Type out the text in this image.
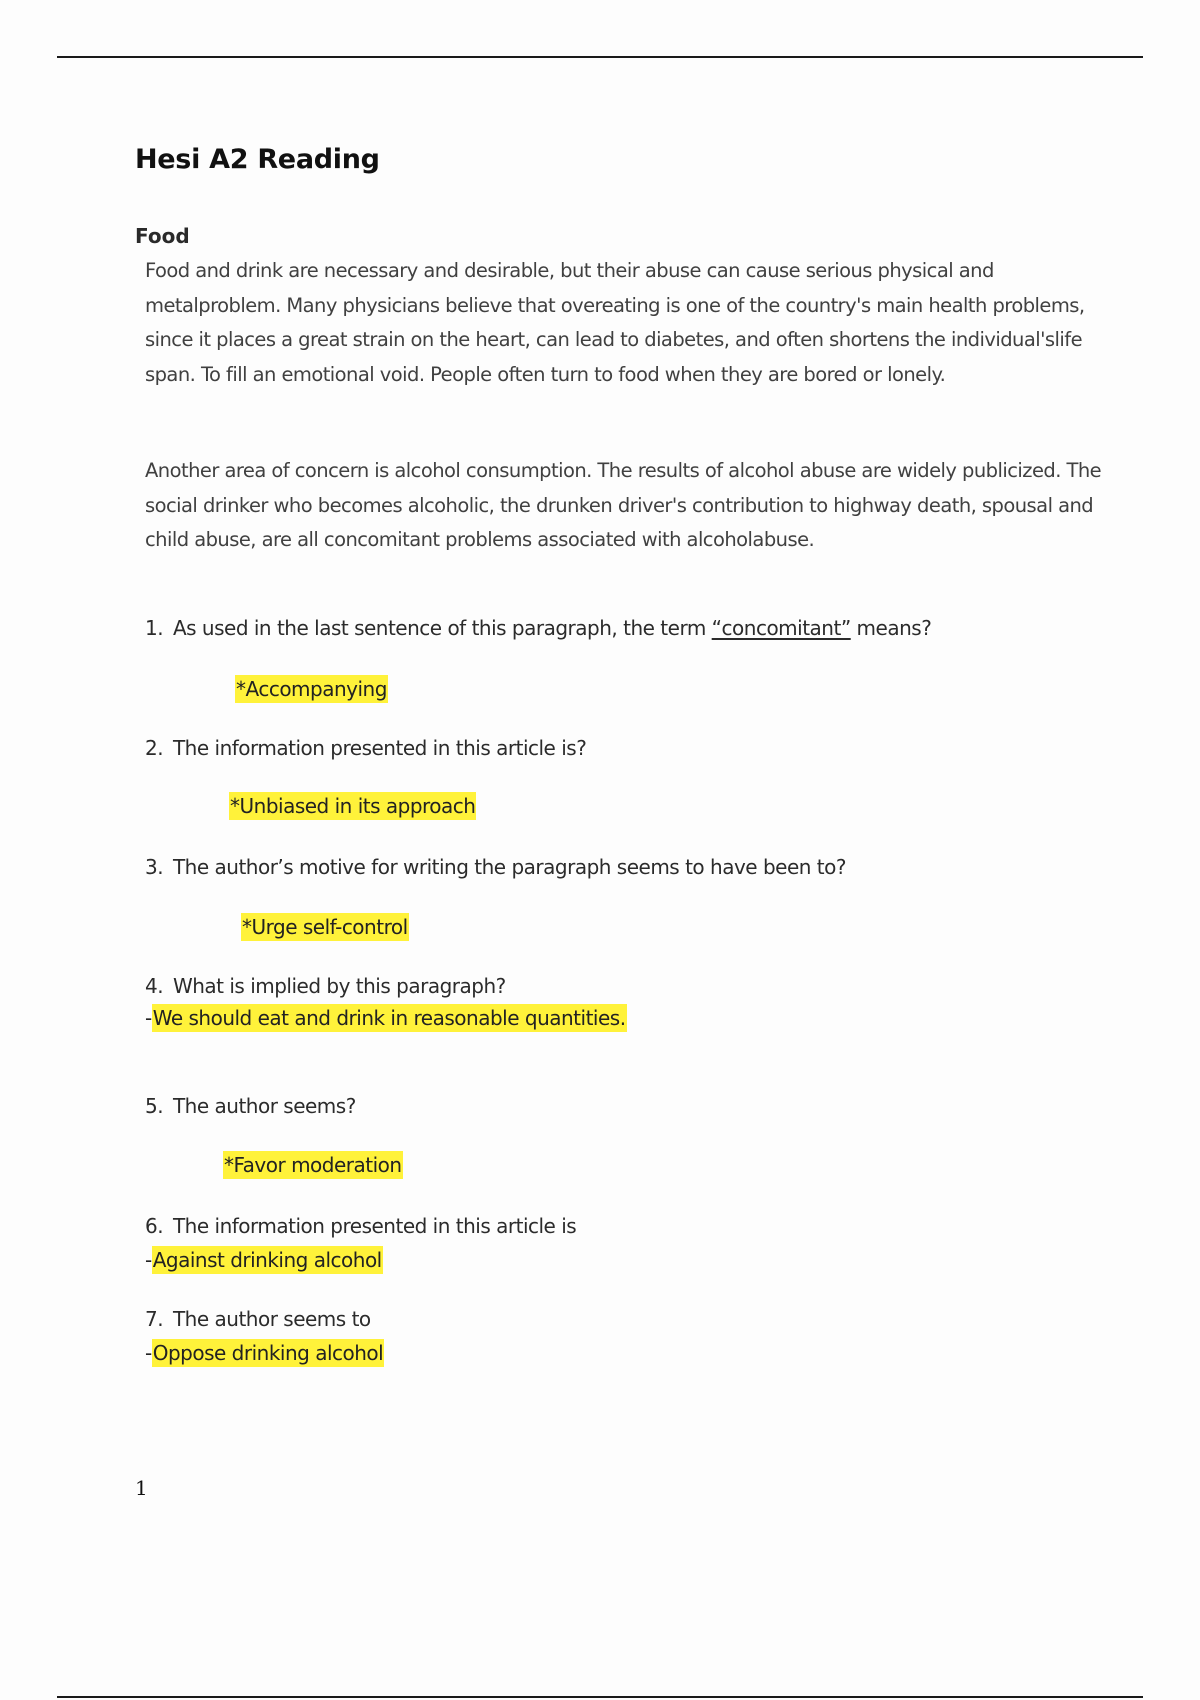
Hesi A2 Reading
Food

Food and drink are necessary and desirable, but their abuse can cause serious physical and metalproblem. Many physicians believe that overeating is one of the country's main health problems, since it places a great strain on the heart, can lead to diabetes, and often shortens the individual'slife span. To fill an emotional void. People often turn to food when they are bored or lonely.

Another area of concern is alcohol consumption. The results of alcohol abuse are widely publicized. The social drinker who becomes alcoholic, the drunken driver's contribution to highway death, spousal and child abuse, are all concomitant problems associated with alcoholabuse.

1. As used in the last sentence of this paragraph, the term “concomitant” means?

*Accompanying

2. The information presented in this article is?

*Unbiased in its approach

3. The author’s motive for writing the paragraph seems to have been to?

*Urge self-control

4. What is implied by this paragraph?

-We should eat and drink in reasonable quantities.

5. The author seems?

*Favor moderation

6. The information presented in this article is

-Against drinking alcohol

7. The author seems to

-Oppose drinking alcohol
1
